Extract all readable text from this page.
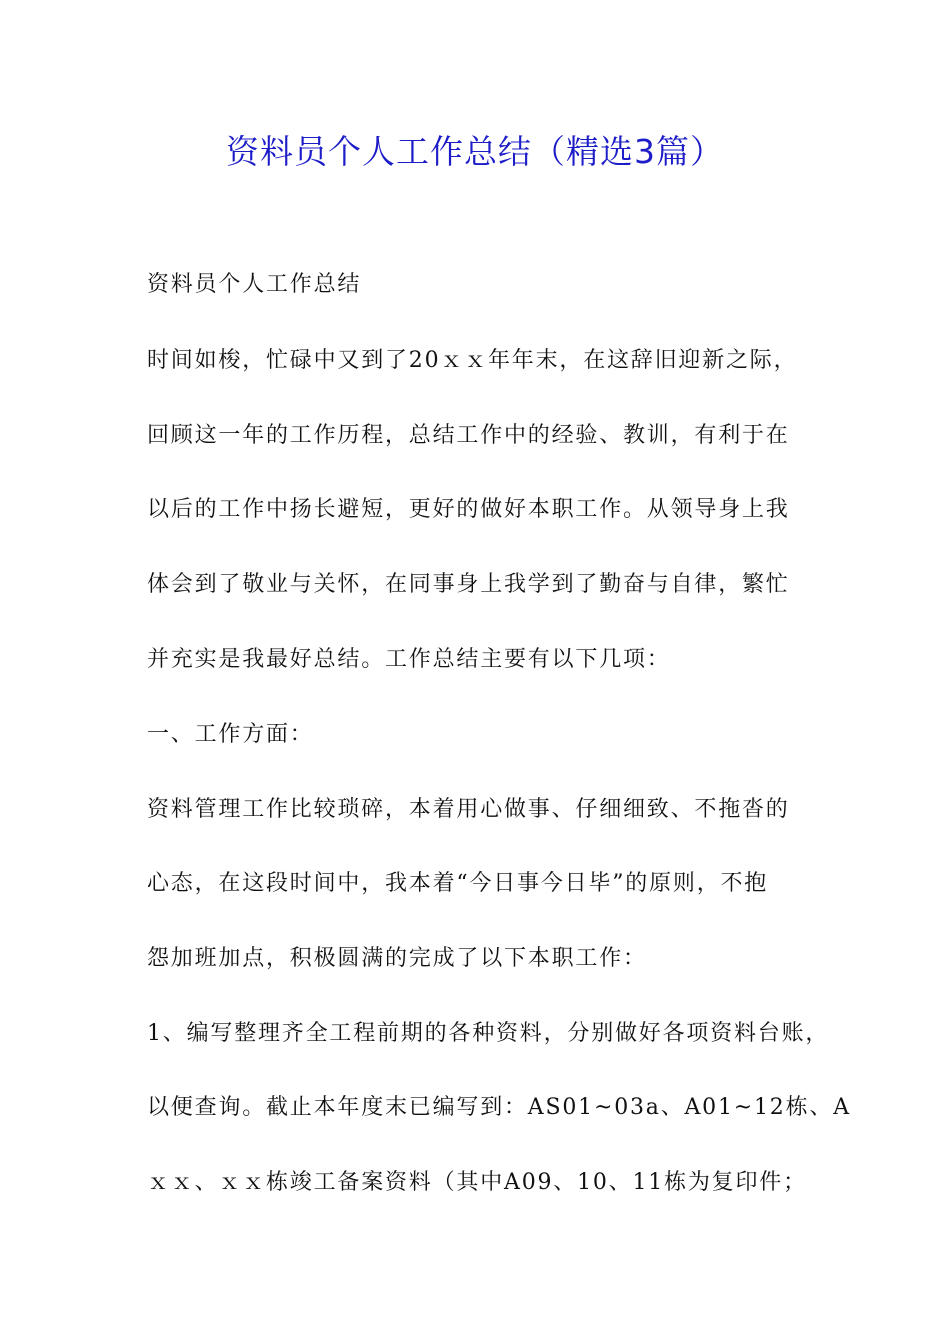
资料员个人工作总结（精选3篇）

资料员个人工作总结

时间如梭，忙碌中又到了20ｘｘ年年末，在这辞旧迎新之际，

回顾这一年的工作历程，总结工作中的经验、教训，有利于在

以后的工作中扬长避短，更好的做好本职工作。从领导身上我

体会到了敬业与关怀，在同事身上我学到了勤奋与自律，繁忙

并充实是我最好总结。工作总结主要有以下几项：

一、工作方面：

资料管理工作比较琐碎，本着用心做事、仔细细致、不拖沓的

心态，在这段时间中，我本着“今日事今日毕”的原则，不抱

怨加班加点，积极圆满的完成了以下本职工作：

1、编写整理齐全工程前期的各种资料，分别做好各项资料台账，

以便查询。截止本年度末已编写到：AS01~03a、A01~12栋、A

ｘｘ、ｘｘ栋竣工备案资料（其中A09、10、11栋为复印件；
